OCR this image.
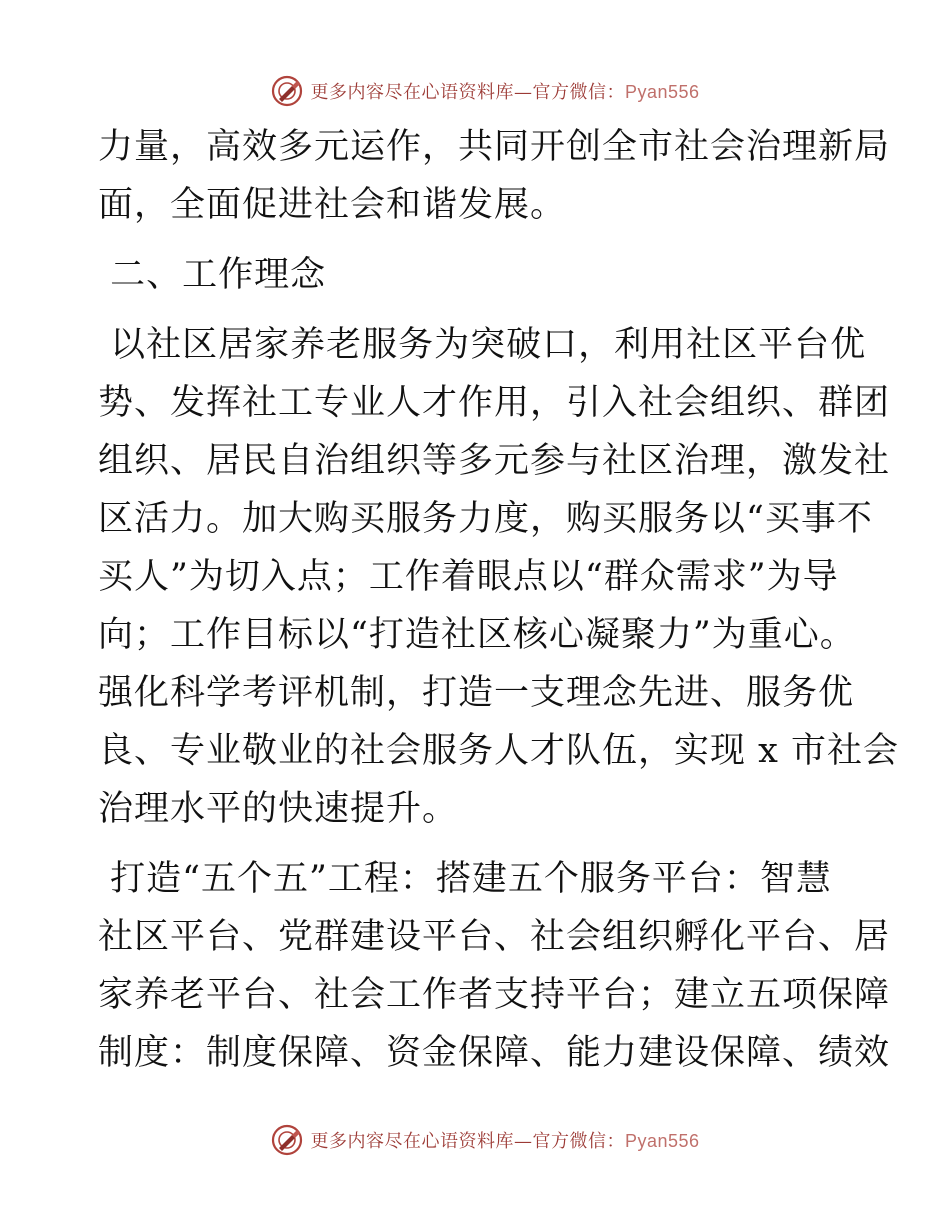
更多内容尽在心语资料库—官方微信：Pyan556

力量，高效多元运作，共同开创全市社会治理新局

面，全面促进社会和谐发展。

二、工作理念

以社区居家养老服务为突破口，利用社区平台优

势、发挥社工专业人才作用，引入社会组织、群团

组织、居民自治组织等多元参与社区治理，激发社

区活力。加大购买服务力度，购买服务以“买事不

买人”为切入点；工作着眼点以“群众需求”为导

向；工作目标以“打造社区核心凝聚力”为重心。

强化科学考评机制，打造一支理念先进、服务优

良、专业敬业的社会服务人才队伍，实现 x 市社会

治理水平的快速提升。

打造“五个五”工程：搭建五个服务平台：智慧

社区平台、党群建设平台、社会组织孵化平台、居

家养老平台、社会工作者支持平台；建立五项保障

制度：制度保障、资金保障、能力建设保障、绩效

更多内容尽在心语资料库—官方微信：Pyan556
